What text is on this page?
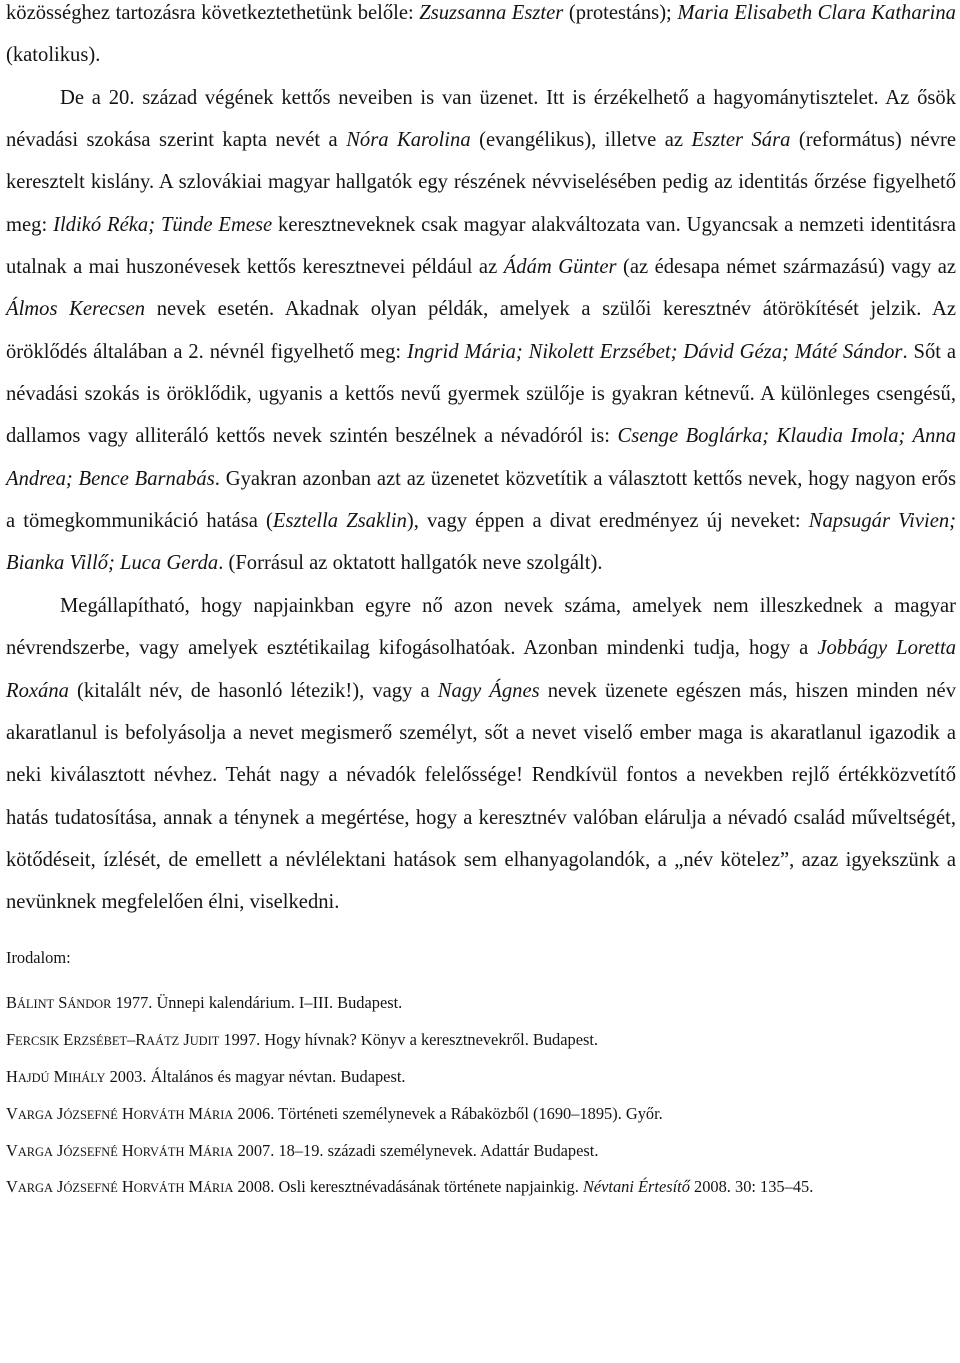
közösséghez tartozásra következtethetünk belőle: Zsuzsanna Eszter (protestáns); Maria Elisabeth Clara Katharina (katolikus).

De a 20. század végének kettős neveiben is van üzenet. Itt is érzékelhető a hagyománytisztelet. Az ősök névadási szokása szerint kapta nevét a Nóra Karolina (evangélikus), illetve az Eszter Sára (református) névre keresztelt kislány. A szlovákiai magyar hallgatók egy részének névviselésében pedig az identitás őrzése figyelhető meg: Ildikó Réka; Tünde Emese keresztneveknek csak magyar alakváltozata van. Ugyancsak a nemzeti identitásra utalnak a mai huszonévesek kettős keresztnevei például az Ádám Günter (az édesapa német származású) vagy az Álmos Kerecsen nevek esetén. Akadnak olyan példák, amelyek a szülői keresztnév átörökítését jelzik. Az öröklődés általában a 2. névnél figyelhető meg: Ingrid Mária; Nikolett Erzsébet; Dávid Géza; Máté Sándor. Sőt a névadási szokás is öröklődik, ugyanis a kettős nevű gyermek szülője is gyakran kétnevű. A különleges csengésű, dallamos vagy alliteráló kettős nevek szintén beszélnek a névadóról is: Csenge Boglárka; Klaudia Imola; Anna Andrea; Bence Barnabás. Gyakran azonban azt az üzenetet közvetítik a választott kettős nevek, hogy nagyon erős a tömegkommunikáció hatása (Esztella Zsaklin), vagy éppen a divat eredményez új neveket: Napsugár Vivien; Bianka Villő; Luca Gerda. (Forrásul az oktatott hallgatók neve szolgált).

Megállapítható, hogy napjainkban egyre nő azon nevek száma, amelyek nem illeszkednek a magyar névrendszerbe, vagy amelyek esztétikailag kifogásolhatóak. Azonban mindenki tudja, hogy a Jobbágy Loretta Roxána (kitalált név, de hasonló létezik!), vagy a Nagy Ágnes nevek üzenete egészen más, hiszen minden név akaratlanul is befolyásolja a nevet megismerő személyt, sőt a nevet viselő ember maga is akaratlanul igazodik a neki kiválasztott névhez. Tehát nagy a névadók felelőssége! Rendkívül fontos a nevekben rejlő értékközvetítő hatás tudatosítása, annak a ténynek a megértése, hogy a keresztnév valóban elárulja a névadó család műveltségét, kötődéseit, ízlését, de emellett a névlélektani hatások sem elhanyagolandók, a „név kötelez”, azaz igyekszünk a nevünknek megfelelően élni, viselkedni.

Irodalom:

BÁLINT SÁNDOR 1977. Ünnepi kalendárium. I–III. Budapest.
FERCSIK ERZSÉBET–RAÁTZ JUDIT 1997. Hogy hívnak? Könyv a keresztnevekről. Budapest.
HAJDÚ MIHÁLY 2003. Általános és magyar névtan. Budapest.
VARGA JÓZSEFNÉ HORVÁTH MÁRIA 2006. Történeti személynevek a Rábaközből (1690–1895). Győr.
VARGA JÓZSEFNÉ HORVÁTH MÁRIA 2007. 18–19. századi személynevek. Adattár Budapest.
VARGA JÓZSEFNÉ HORVÁTH MÁRIA 2008. Osli keresztnévadásának története napjainkig. Névtani Értesítő 2008. 30: 135–45.
